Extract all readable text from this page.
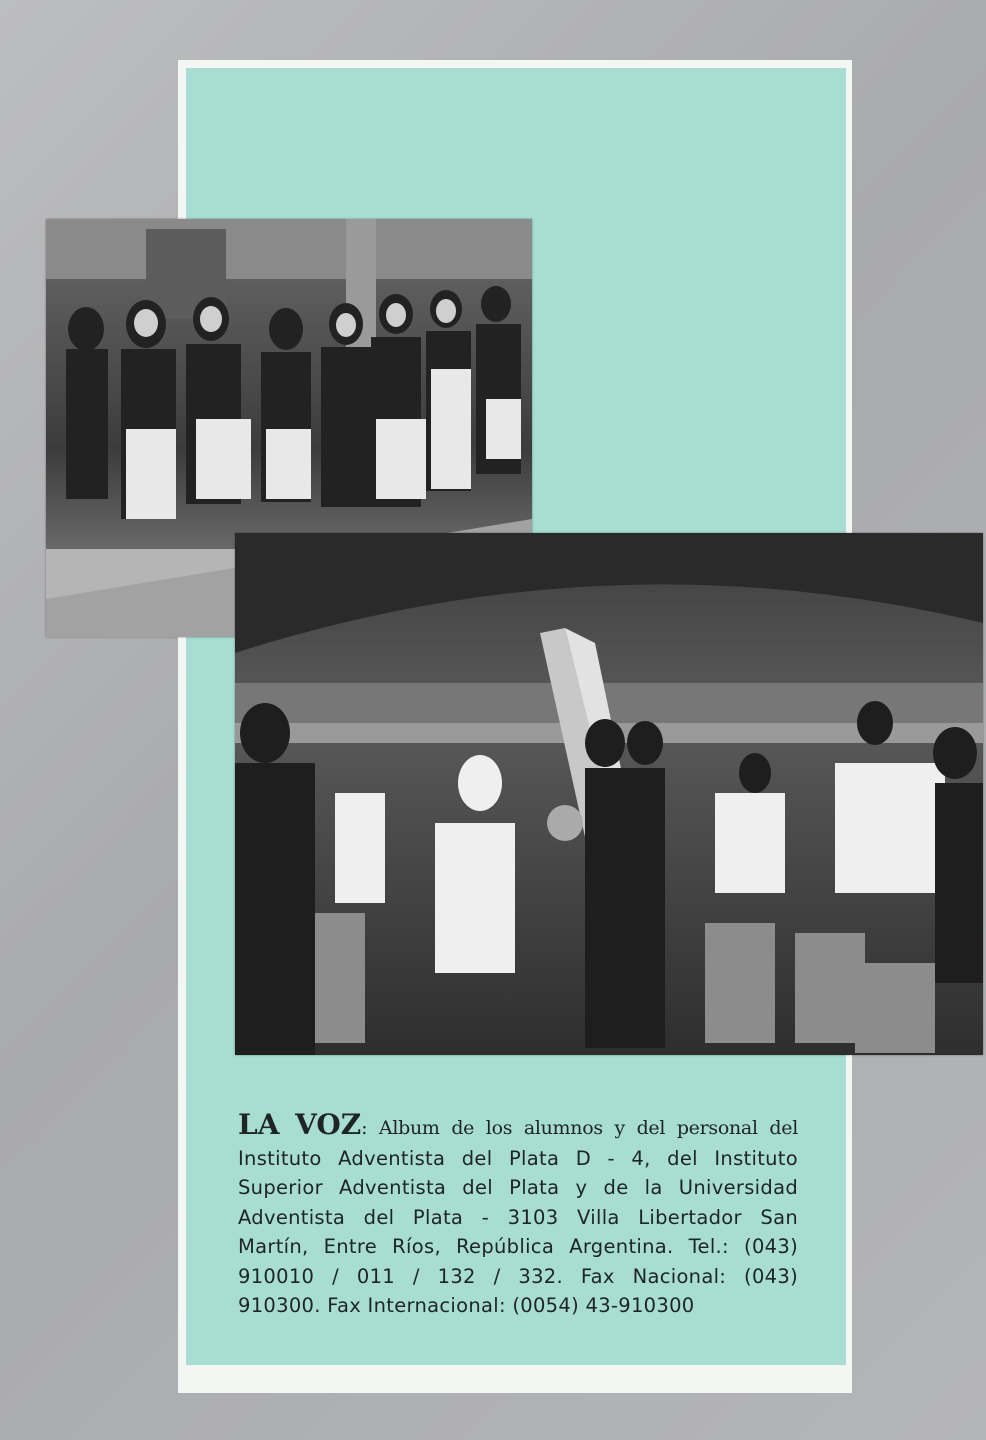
LA VOZ: Album de los alumnos y del personal del
Instituto Adventista del Plata D - 4, del Instituto
Superior Adventista del Plata y de la Universidad
Adventista del Plata - 3103 Villa Libertador San
Martín, Entre Ríos, República Argentina. Tel.: (043)
910010 / 011 / 132 / 332. Fax Nacional: (043)
910300. Fax Internacional: (0054) 43-910300
